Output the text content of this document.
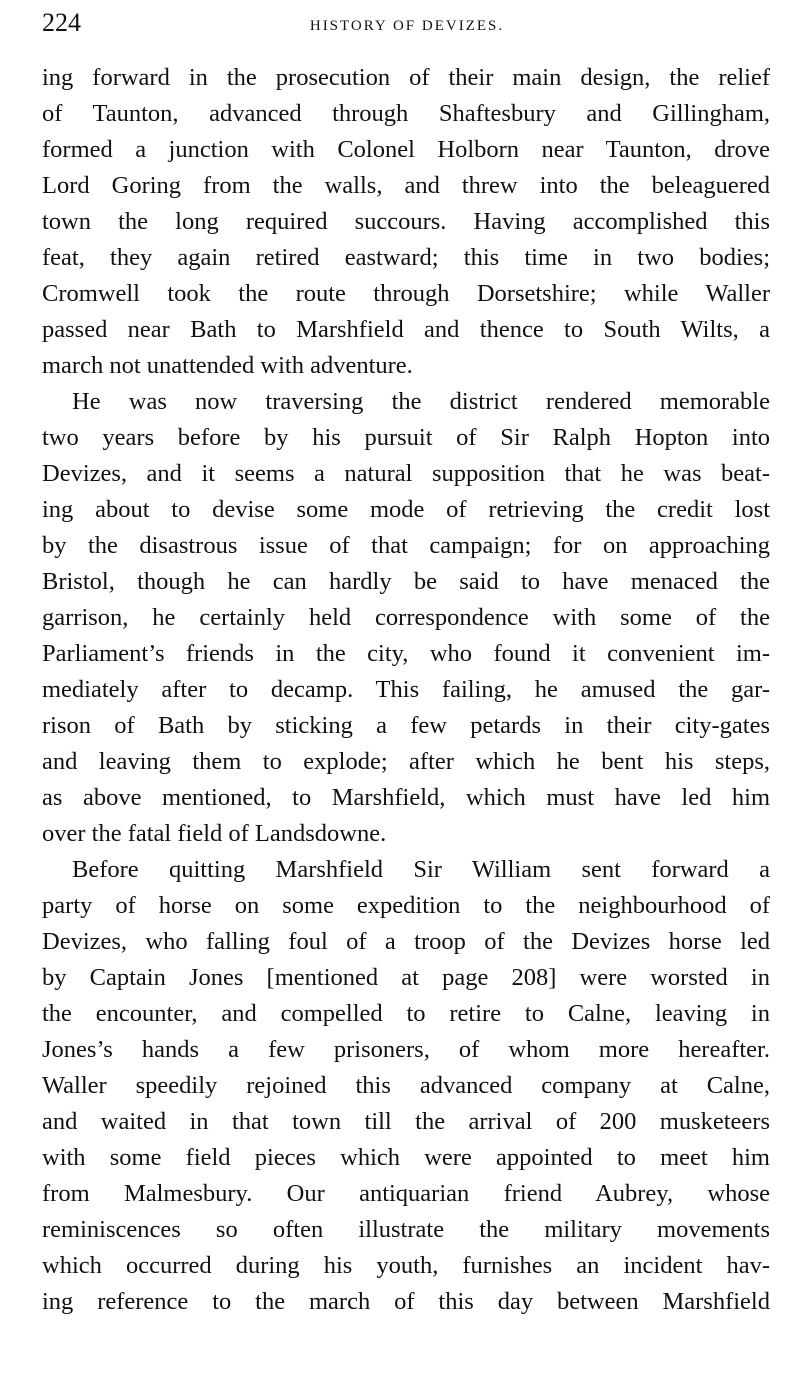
224	HISTORY OF DEVIZES.
ing forward in the prosecution of their main design, the relief
of Taunton, advanced through Shaftesbury and Gillingham,
formed a junction with Colonel Holborn near Taunton, drove
Lord Goring from the walls, and threw into the beleaguered
town the long required succours. Having accomplished this
feat, they again retired eastward; this time in two bodies;
Cromwell took the route through Dorsetshire; while Waller
passed near Bath to Marshfield and thence to South Wilts, a
march not unattended with adventure.
He was now traversing the district rendered memorable
two years before by his pursuit of Sir Ralph Hopton into
Devizes, and it seems a natural supposition that he was beat-
ing about to devise some mode of retrieving the credit lost
by the disastrous issue of that campaign; for on approaching
Bristol, though he can hardly be said to have menaced the
garrison, he certainly held correspondence with some of the
Parliament’s friends in the city, who found it convenient im-
mediately after to decamp. This failing, he amused the gar-
rison of Bath by sticking a few petards in their city-gates
and leaving them to explode; after which he bent his steps,
as above mentioned, to Marshfield, which must have led him
over the fatal field of Landsdowne.
Before quitting Marshfield Sir William sent forward a
party of horse on some expedition to the neighbourhood of
Devizes, who falling foul of a troop of the Devizes horse led
by Captain Jones [mentioned at page 208] were worsted in
the encounter, and compelled to retire to Calne, leaving in
Jones’s hands a few prisoners, of whom more hereafter.
Waller speedily rejoined this advanced company at Calne,
and waited in that town till the arrival of 200 musketeers
with some field pieces which were appointed to meet him
from Malmesbury. Our antiquarian friend Aubrey, whose
reminiscences so often illustrate the military movements
which occurred during his youth, furnishes an incident hav-
ing reference to the march of this day between Marshfield
